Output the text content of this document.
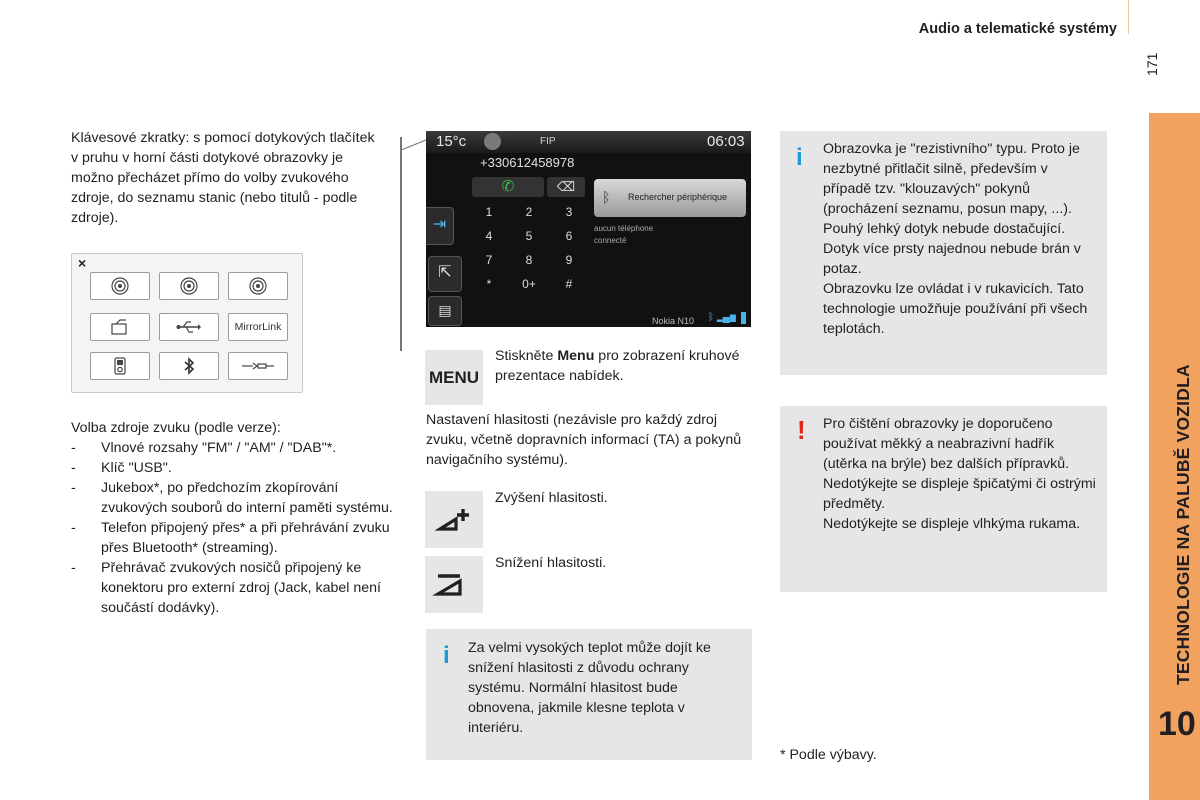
Audio a telematické systémy
171
TECHNOLOGIE NA PALUBĚ VOZIDLA
10
Klávesové zkratky: s pomocí dotykových tlačítek v pruhu v horní části dotykové obrazovky je možno přecházet přímo do volby zvukového zdroje, do seznamu stanic (nebo titulů - podle zdroje).
×
MirrorLink
Volba zdroje zvuku (podle verze):
- Vlnové rozsahy "FM" / "AM" / "DAB"*.
- Klíč "USB".
- Jukebox*, po předchozím zkopírování zvukových souborů do interní paměti systému.
- Telefon připojený přes* a při přehrávání zvuku přes Bluetooth* (streaming).
- Přehrávač zvukových nosičů připojený ke konektoru pro externí zdroj (Jack, kabel není součástí dodávky).
15°c	FIP	06:03
+330612458978
⇥
⇱
▤
✆	⌫
1	2	3
4	5	6
7	8	9
*	0+	#
ᛒ Rechercher périphérique
aucun téléphone
connecté
Nokia N10 ᛒ ▂▄▆
MENU
Stiskněte Menu pro zobrazení kruhové prezentace nabídek.
Nastavení hlasitosti (nezávisle pro každý zdroj zvuku, včetně dopravních informací (TA) a pokynů navigačního systému).
Zvýšení hlasitosti.
Snížení hlasitosti.
i Za velmi vysokých teplot může dojít ke snížení hlasitosti z důvodu ochrany systému. Normální hlasitost bude obnovena, jakmile klesne teplota v interiéru.
i Obrazovka je "rezistivního" typu. Proto je nezbytné přitlačit silně, především v případě tzv. "klouzavých" pokynů (procházení seznamu, posun mapy, ...). Pouhý lehký dotyk nebude dostačující. Dotyk více prsty najednou nebude brán v potaz.
Obrazovku lze ovládat i v rukavicích. Tato technologie umožňuje používání při všech teplotách.
! Pro čištění obrazovky je doporučeno používat měkký a neabrazivní hadřík (utěrka na brýle) bez dalších přípravků.
Nedotýkejte se displeje špičatými či ostrými předměty.
Nedotýkejte se displeje vlhkýma rukama.
* Podle výbavy.
